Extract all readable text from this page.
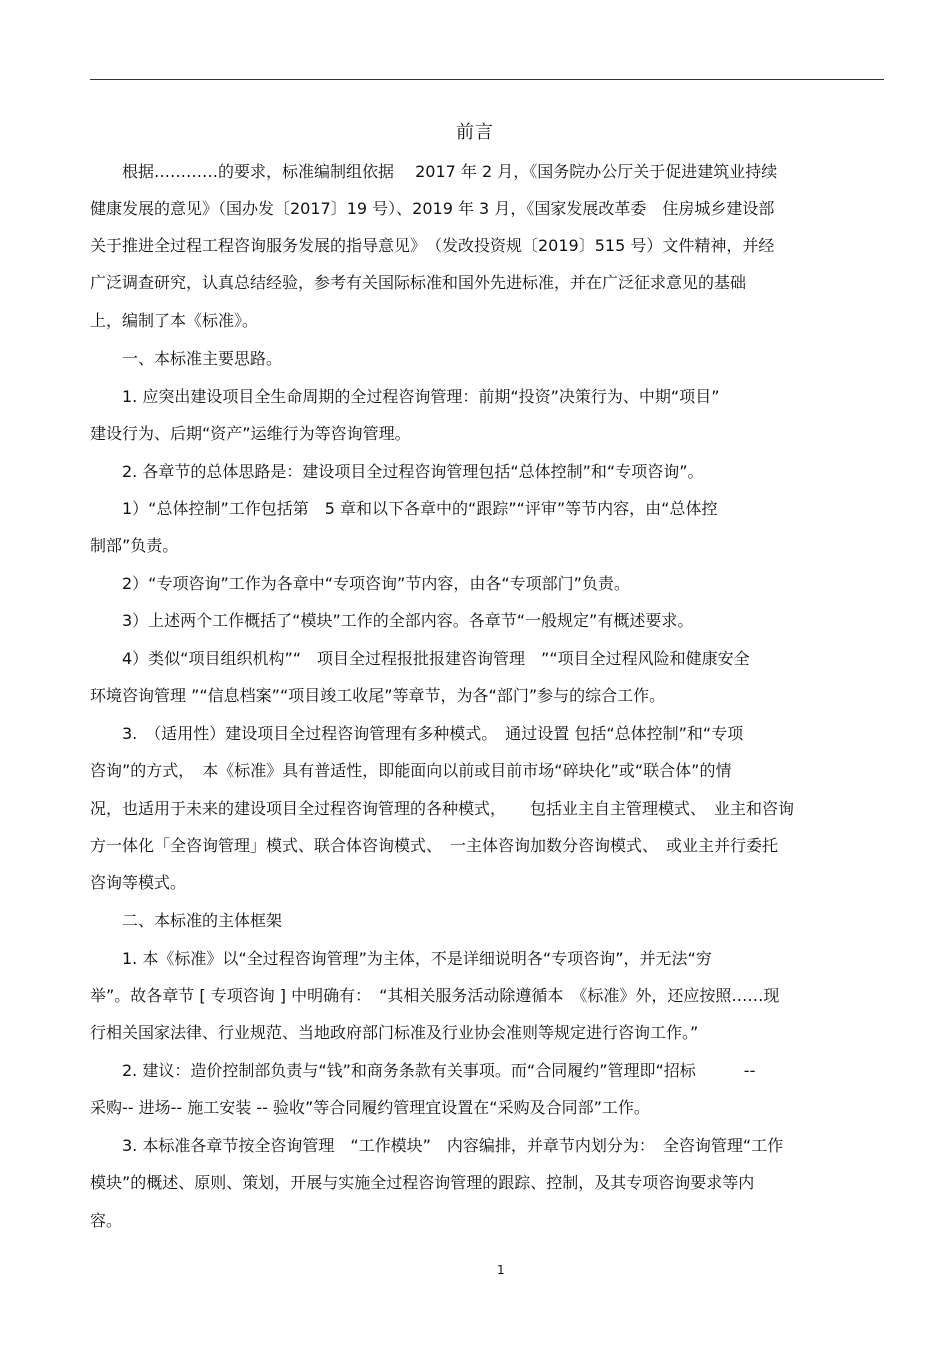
前言
根据…………的要求，标准编制组依据　 2017 年 2 月，《国务院办公厅关于促进建筑业持续
健康发展的意见》（国办发〔2017〕19 号）、2019 年 3 月，《国家发展改革委　住房城乡建设部
关于推进全过程工程咨询服务发展的指导意见》　（发改投资规〔2019〕515 号）文件精神，并经
广泛调查研究，认真总结经验，参考有关国际标准和国外先进标准，并在广泛征求意见的基础
上，编制了本《标准》。
一、本标准主要思路。
1. 应突出建设项目全生命周期的全过程咨询管理：前期“投资”决策行为、中期“项目”
建设行为、后期“资产”运维行为等咨询管理。
2. 各章节的总体思路是：建设项目全过程咨询管理包括“总体控制”和“专项咨询”。
1）“总体控制”工作包括第　5 章和以下各章中的“跟踪”“评审”等节内容，由“总体控
制部”负责。
2）“专项咨询”工作为各章中“专项咨询”节内容，由各“专项部门”负责。
3）上述两个工作概括了“模块”工作的全部内容。各章节“一般规定”有概述要求。
4）类似“项目组织机构”“　项目全过程报批报建咨询管理　”“项目全过程风险和健康安全
环境咨询管理 ”“信息档案”“项目竣工收尾”等章节，为各“部门”参与的综合工作。
3.　（适用性）建设项目全过程咨询管理有多种模式。　通过设置 包括“总体控制”和“专项
咨询”的方式，　本《标准》具有普适性，即能面向以前或目前市场“碎块化”或“联合体”的情
况，也适用于未来的建设项目全过程咨询管理的各种模式，　　包括业主自主管理模式、　业主和咨询
方一体化「全咨询管理」模式、联合体咨询模式、　一主体咨询加数分咨询模式、　或业主并行委托
咨询等模式。
二、本标准的主体框架
1. 本《标准》以“全过程咨询管理”为主体，不是详细说明各“专项咨询”，并无法“穷
举”。故各章节 [ 专项咨询 ] 中明确有：　“其相关服务活动除遵循本　《标准》外，还应按照……现
行相关国家法律、行业规范、当地政府部门标准及行业协会准则等规定进行咨询工作。”
2. 建议：造价控制部负责与“钱”和商务条款有关事项。而“合同履约”管理即“招标　　　--
采购-- 进场-- 施工安装 -- 验收”等合同履约管理宜设置在“采购及合同部”工作。
3. 本标准各章节按全咨询管理　“工作模块”　内容编排，并章节内划分为：　全咨询管理“工作
模块”的概述、原则、策划，开展与实施全过程咨询管理的跟踪、控制，及其专项咨询要求等内
容。
1
